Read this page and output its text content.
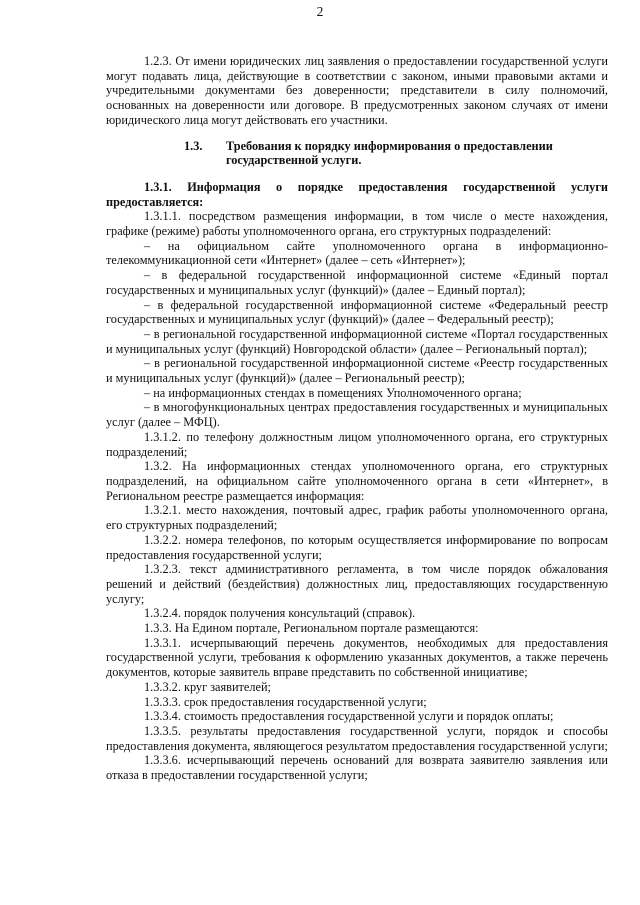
2

1.2.3. От имени юридических лиц заявления о предоставлении государственной услуги могут подавать лица, действующие в соответствии с законом, иными правовыми актами и учредительными документами без доверенности; представители в силу полномочий, основанных на доверенности или договоре. В предусмотренных законом случаях от имени юридического лица могут действовать его участники.

1.3.	Требования к порядку информирования о предоставлении государственной услуги.

1.3.1. Информация о порядке предоставления государственной услуги предоставляется:

1.3.1.1. посредством размещения информации, в том числе о месте нахождения, графике (режиме) работы уполномоченного органа, его структурных подразделений:

– на официальном сайте уполномоченного органа в информационно-телекоммуникационной сети «Интернет» (далее – сеть «Интернет»);

– в федеральной государственной информационной системе «Единый портал государственных и муниципальных услуг (функций)» (далее – Единый портал);

– в федеральной государственной информационной системе «Федеральный реестр государственных и муниципальных услуг (функций)» (далее – Федеральный реестр);

– в региональной государственной информационной системе «Портал государственных и муниципальных услуг (функций) Новгородской области» (далее – Региональный портал);

– в региональной государственной информационной системе «Реестр государственных и муниципальных услуг (функций)» (далее – Региональный реестр);

– на информационных стендах в помещениях Уполномоченного органа;

– в многофункциональных центрах предоставления государственных и муниципальных услуг (далее – МФЦ).

1.3.1.2. по телефону должностным лицом уполномоченного органа, его структурных подразделений;

1.3.2. На информационных стендах уполномоченного органа, его структурных подразделений, на официальном сайте уполномоченного органа в сети «Интернет», в Региональном реестре размещается информация:

1.3.2.1. место нахождения, почтовый адрес, график работы уполномоченного органа, его структурных подразделений;

1.3.2.2. номера телефонов, по которым осуществляется информирование по вопросам предоставления государственной услуги;

1.3.2.3. текст административного регламента, в том числе порядок обжалования решений и действий (бездействия) должностных лиц, предоставляющих государственную услугу;

1.3.2.4. порядок получения консультаций (справок).

1.3.3. На Едином портале, Региональном портале размещаются:

1.3.3.1. исчерпывающий перечень документов, необходимых для предоставления государственной услуги, требования к оформлению указанных документов, а также перечень документов, которые заявитель вправе представить по собственной инициативе;

1.3.3.2. круг заявителей;

1.3.3.3. срок предоставления государственной услуги;

1.3.3.4. стоимость предоставления государственной услуги и порядок оплаты;

1.3.3.5. результаты предоставления государственной услуги, порядок и способы предоставления документа, являющегося результатом предоставления государственной услуги;

1.3.3.6. исчерпывающий перечень оснований для возврата заявителю заявления или отказа в предоставлении государственной услуги;
